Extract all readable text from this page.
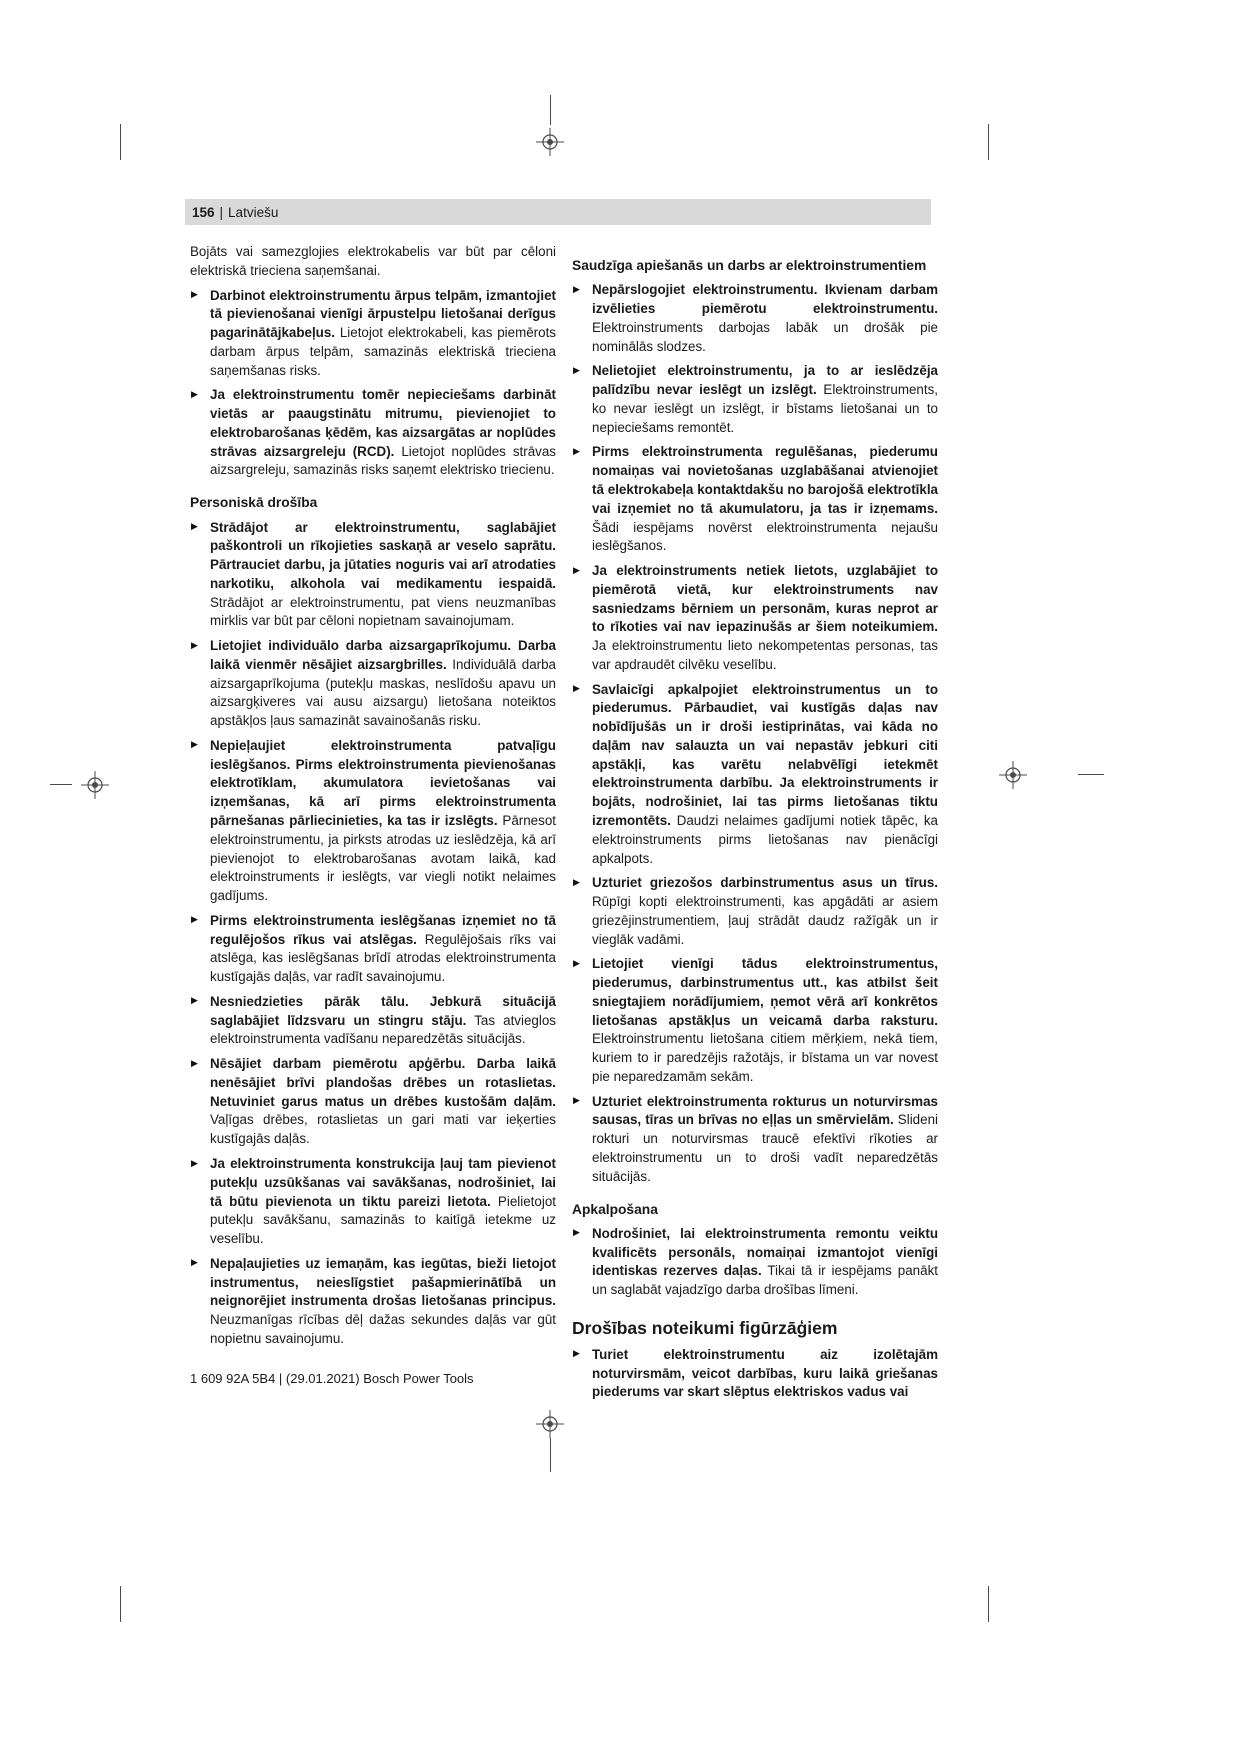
156 | Latviešu
Bojāts vai samezglojies elektrokabelis var būt par cēloni elektriskā trieciena saņemšanai.
▶ Darbinot elektroinstrumentu ārpus telpām, izmantojiet tā pievienošanai vienīgi ārpustelpu lietošanai derīgus pagarinātājkabeļus. Lietojot elektrokabeli, kas piemērots darbam ārpus telpām, samazinās elektriskā trieciena saņemšanas risks.
▶ Ja elektroinstrumentu tomēr nepieciešams darbināt vietās ar paaugstinātu mitrumu, pievienojiet to elektrobarošanas ķēdēm, kas aizsargātas ar noplūdes strāvas aizsargreleju (RCD). Lietojot noplūdes strāvas aizsargreleju, samazinās risks saņemt elektrisko triecienu.
Personiskā drošība
▶ Strādājot ar elektroinstrumentu, saglabājiet paškontroli un rīkojieties saskaņā ar veselo saprātu. Pārtrauciet darbu, ja jūtaties noguris vai arī atrodaties narkotiku, alkohola vai medikamentu iespaidā. Strādājot ar elektroinstrumentu, pat viens neuzmanības mirklis var būt par cēloni nopietnam savainojumam.
▶ Lietojiet individuālo darba aizsargaprīkojumu. Darba laikā vienmēr nēsājiet aizsargbrilles. Individuālā darba aizsargaprīkojuma (putekļu maskas, neslīdošu apavu un aizsargķiveres vai ausu aizsargu) lietošana noteiktos apstākļos ļaus samazināt savainošanās risku.
▶ Nepieļaujiet elektroinstrumenta patvaļīgu ieslēgšanos. Pirms elektroinstrumenta pievienošanas elektrotīklam, akumulatora ievietošanas vai izņemšanas, kā arī pirms elektroinstrumenta pārnešanas pārliecinieties, ka tas ir izslēgts. Pārnesot elektroinstrumentu, ja pirksts atrodas uz ieslēdzēja, kā arī pievienojot to elektrobarošanas avotam laikā, kad elektroinstruments ir ieslēgts, var viegli notikt nelaimes gadījums.
▶ Pirms elektroinstrumenta ieslēgšanas izņemiet no tā regulējošos rīkus vai atslēgas. Regulējošais rīks vai atslēga, kas ieslēgšanas brīdī atrodas elektroinstrumenta kustīgajās daļās, var radīt savainojumu.
▶ Nesniedzieties pārāk tālu. Jebkurā situācijā saglabājiet līdzsvaru un stingru stāju. Tas atvieglos elektroinstrumenta vadīšanu neparedzētās situācijās.
▶ Nēsājiet darbam piemērotu apģērbu. Darba laikā nenēsājiet brīvi plandošas drēbes un rotaslietas. Netuviniet garus matus un drēbes kustošām daļām. Vaļīgas drēbes, rotaslietas un gari mati var ieķerties kustīgajās daļās.
▶ Ja elektroinstrumenta konstrukcija ļauj tam pievienot putekļu uzsūkšanas vai savākšanas, nodrošiniet, lai tā būtu pievienota un tiktu pareizi lietota. Pielietojot putekļu savākšanu, samazinās to kaitīgā ietekme uz veselību.
▶ Nepaļaujieties uz iemaņām, kas iegūtas, bieži lietojot instrumentus, neieslīgstiet pašapmierinātībā un neignorējiet instrumenta drošas lietošanas principus. Neuzmanīgas rīcības dēļ dažas sekundes daļās var gūt nopietnu savainojumu.
Saudzīga apiešanās un darbs ar elektroinstrumentiem
▶ Nepārslogojiet elektroinstrumentu. Ikvienam darbam izvēlieties piemērotu elektroinstrumentu. Elektroinstruments darbojas labāk un drošāk pie nominālās slodzes.
▶ Nelietojiet elektroinstrumentu, ja to ar ieslēdzēja palīdzību nevar ieslēgt un izslēgt. Elektroinstruments, ko nevar ieslēgt un izslēgt, ir bīstams lietošanai un to nepieciešams remontēt.
▶ Pirms elektroinstrumenta regulēšanas, piederumu nomaiņas vai novietošanas uzglabāšanai atvienojiet tā elektrokabeļa kontaktdakšu no barojošā elektrotīkla vai izņemiet no tā akumulatoru, ja tas ir izņemams. Šādi iespējams novērst elektroinstrumenta nejaušu ieslēgšanos.
▶ Ja elektroinstruments netiek lietots, uzglabājiet to piemērotā vietā, kur elektroinstruments nav sasniedzams bērniem un personām, kuras neprot ar to rīkoties vai nav iepazinušās ar šiem noteikumiem. Ja elektroinstrumentu lieto nekompetentas personas, tas var apdraudēt cilvēku veselību.
▶ Savlaicīgi apkalpojiet elektroinstrumentus un to piederumus. Pārbaudiet, vai kustīgās daļas nav nobīdījušās un ir droši iestiprinātas, vai kāda no daļām nav salauzta un vai nepastāv jebkuri citi apstākļi, kas varētu nelabvēlīgi ietekmēt elektroinstrumenta darbību. Ja elektroinstruments ir bojāts, nodrošiniet, lai tas pirms lietošanas tiktu izremontēts. Daudzi nelaimes gadījumi notiek tāpēc, ka elektroinstruments pirms lietošanas nav pienācīgi apkalpots.
▶ Uzturiet griezošos darbinstrumentus asus un tīrus. Rūpīgi kopti elektroinstrumenti, kas apgādāti ar asiem griezējinstrumentiem, ļauj strādāt daudz ražīgāk un ir vieglāk vadāmi.
▶ Lietojiet vienīgi tādus elektroinstrumentus, piederumus, darbinstrumentus utt., kas atbilst šeit sniegtajiem norādījumiem, ņemot vērā arī konkrētos lietošanas apstākļus un veicamā darba raksturu. Elektroinstrumentu lietošana citiem mērķiem, nekā tiem, kuriem to ir paredzējis ražotājs, ir bīstama un var novest pie neparedzamām sekām.
▶ Uzturiet elektroinstrumenta rokturus un noturvirsmas sausas, tīras un brīvas no eļļas un smērvielām. Slideni rokturi un noturvirsmas traucē efektīvi rīkoties ar elektroinstrumentu un to droši vadīt neparedzētās situācijās.
Apkalpošana
▶ Nodrošiniet, lai elektroinstrumenta remontu veiktu kvalificēts personāls, nomaiņai izmantojot vienīgi identiskas rezerves daļas. Tikai tā ir iespējams panākt un saglabāt vajadzīgo darba drošības līmeni.
Drošības noteikumi figūrzāģiem
▶ Turiet elektroinstrumentu aiz izolētajām noturvirsmām, veicot darbības, kuru laikā griešanas piederums var skart slēptus elektriskos vadus vai
1 609 92A 5B4 | (29.01.2021) Bosch Power Tools
